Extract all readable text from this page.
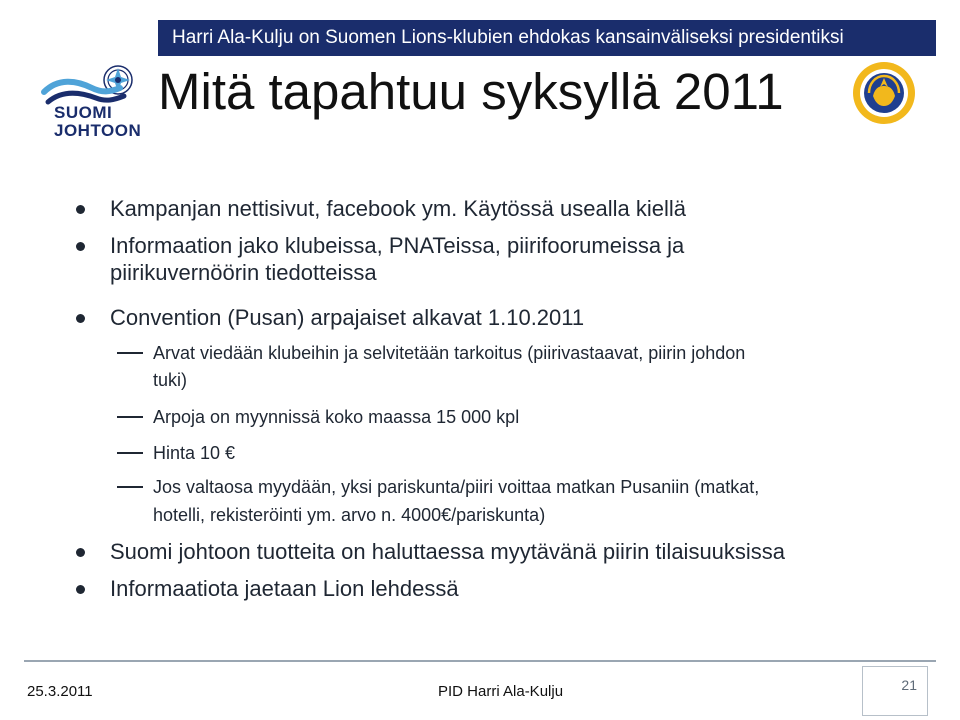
Harri Ala-Kulju on Suomen Lions-klubien ehdokas kansainväliseksi presidentiksi
SUOMI
JOHTOON
Mitä tapahtuu syksyllä 2011

Kampanjan nettisivut, facebook ym. Käytössä usealla kiellä

Informaation jako klubeissa, PNATeissa, piirifoorumeissa ja

piirikuvernöörin tiedotteissa

Convention (Pusan) arpajaiset alkavat 1.10.2011

Arvat viedään klubeihin ja selvitetään tarkoitus (piirivastaavat, piirin johdon

tuki)

Arpoja on myynnissä koko maassa 15 000 kpl

Hinta 10 €

Jos valtaosa myydään, yksi pariskunta/piiri voittaa matkan Pusaniin (matkat,

hotelli, rekisteröinti ym. arvo n. 4000€/pariskunta)

Suomi johtoon tuotteita on haluttaessa myytävänä piirin tilaisuuksissa

Informaatiota jaetaan Lion lehdessä

25.3.2011	PID Harri Ala-Kulju	21
